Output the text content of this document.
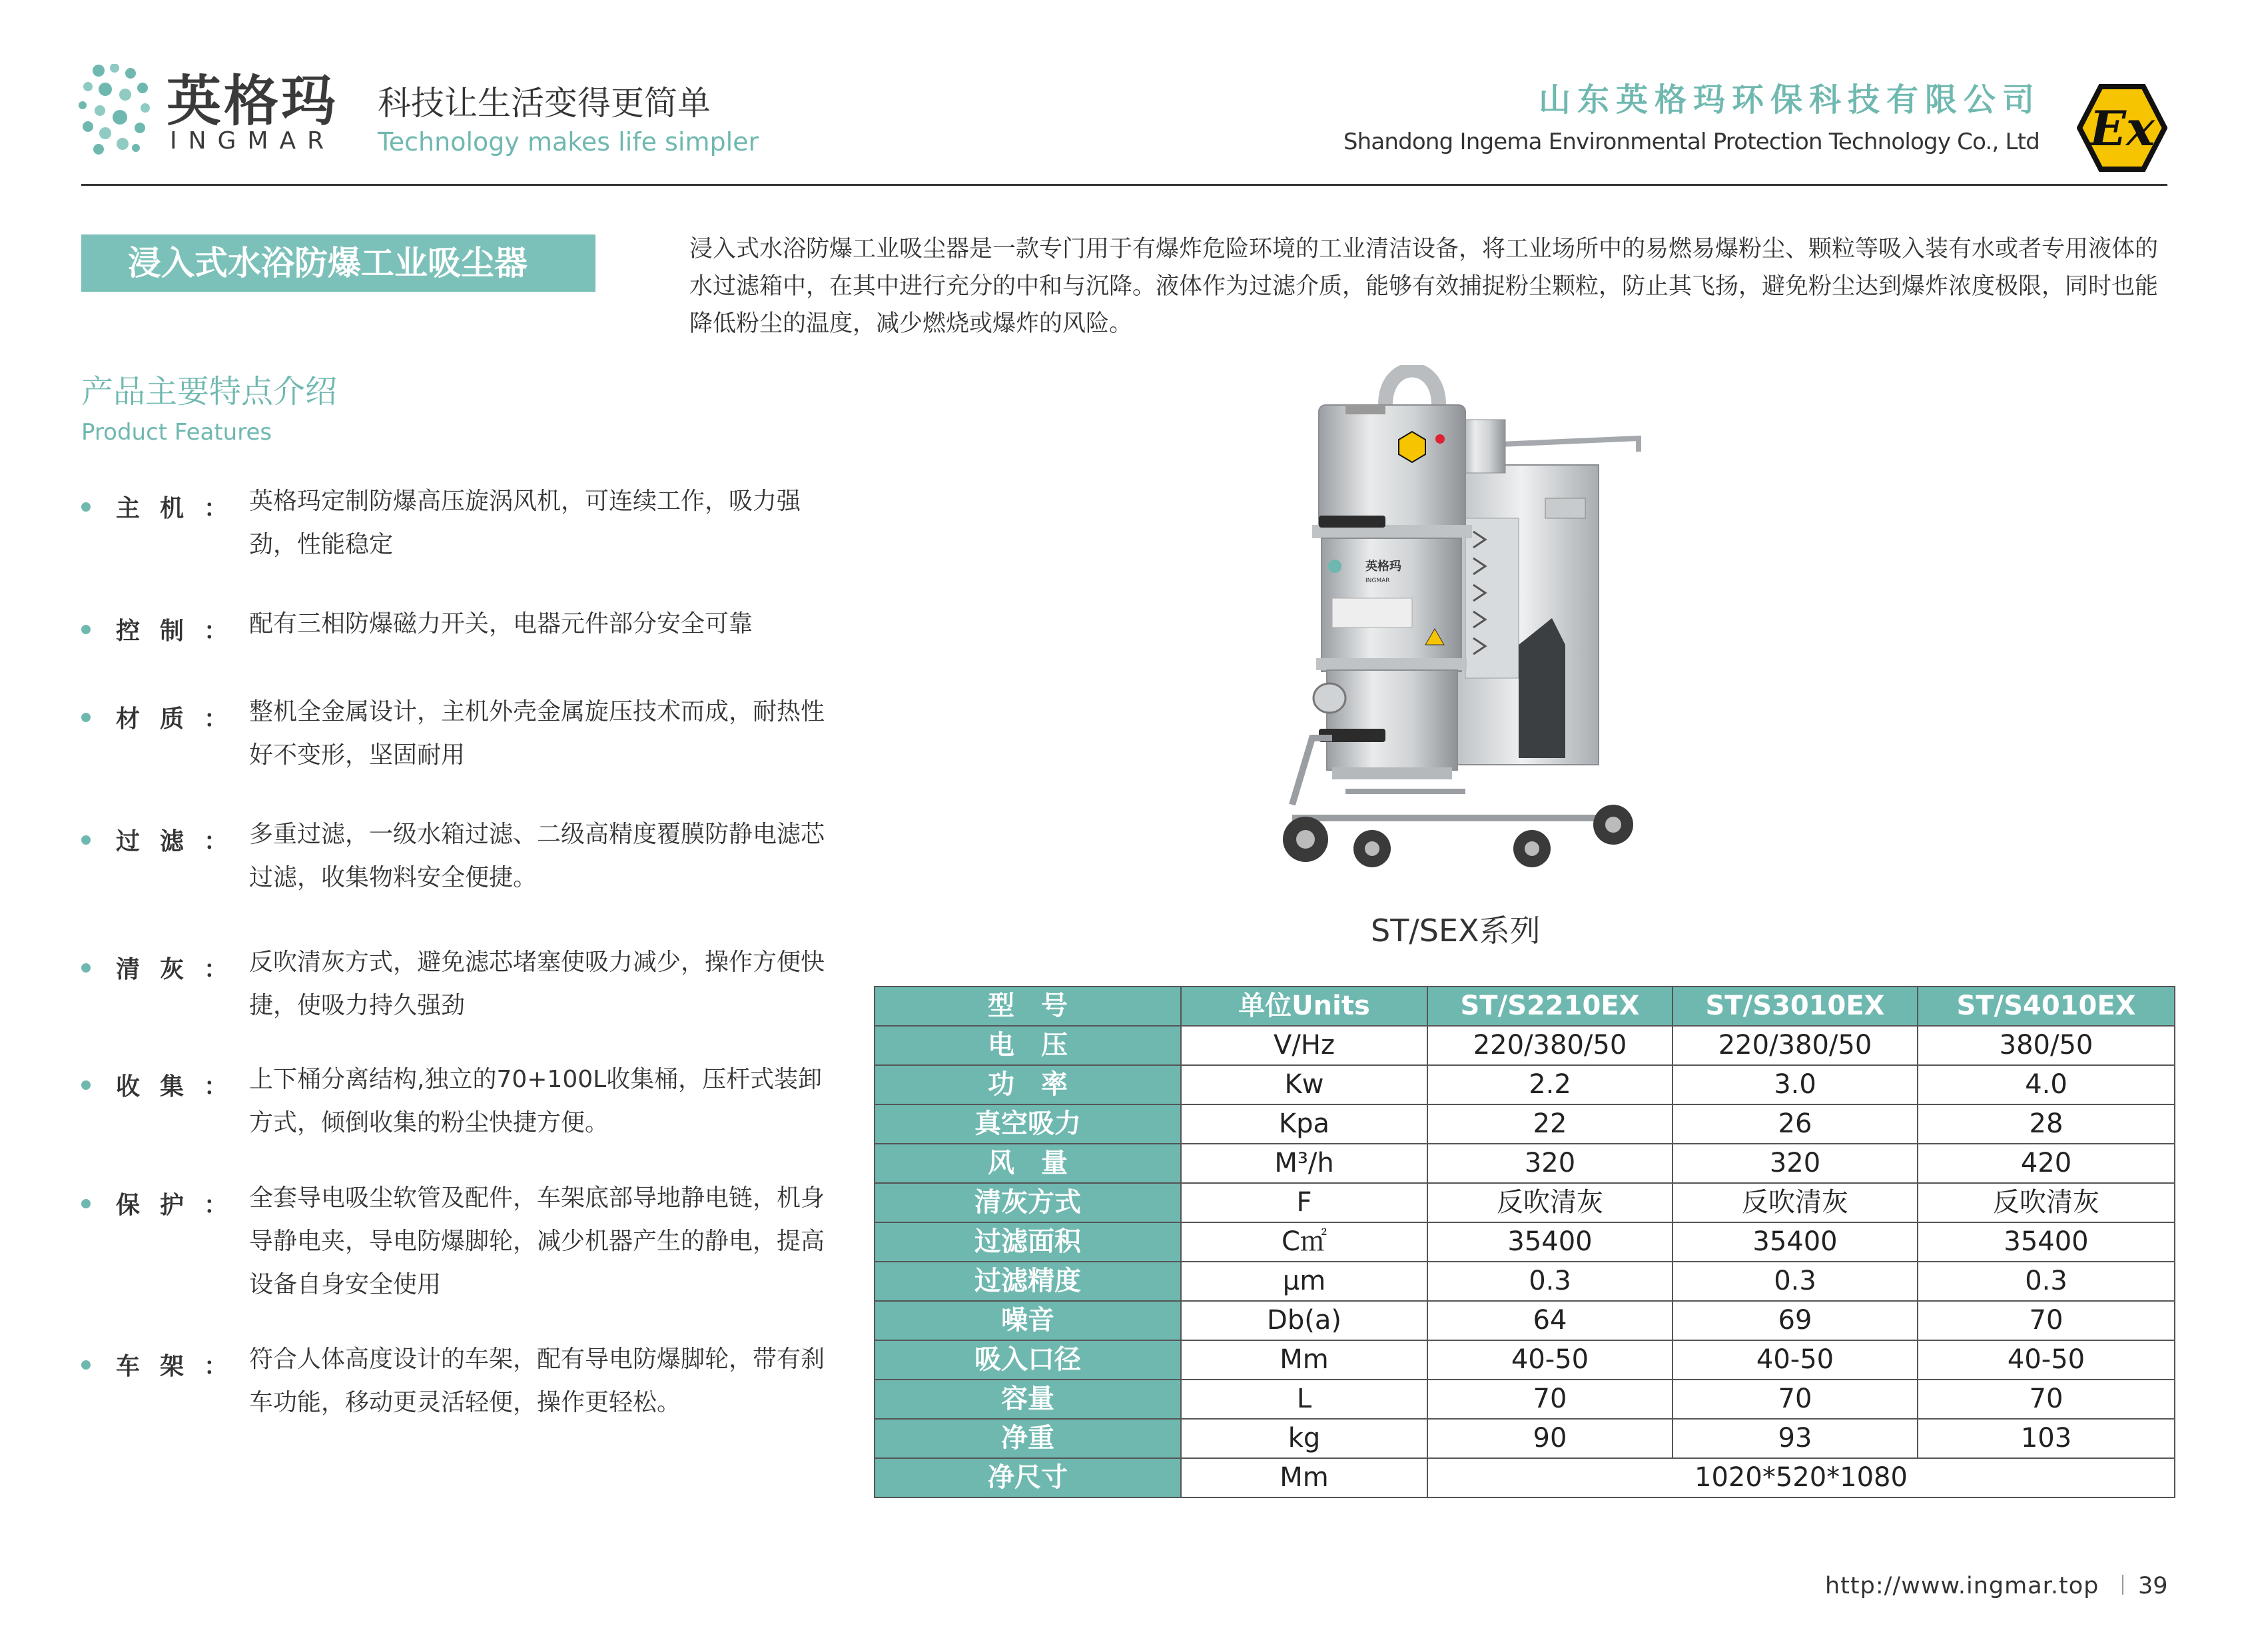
英格玛
INGMAR
科技让生活变得更简单
Technology makes life simpler
山东英格玛环保科技有限公司
Shandong Ingema Environmental Protection Technology Co., Ltd Ex
浸入式水浴防爆工业吸尘器	浸入式水浴防爆工业吸尘器是一款专门用于有爆炸危险环境的工业清洁设备，将工业场所中的易燃易爆粉尘、颗粒等吸入装有水或者专用液体的水过滤箱中，在其中进行充分的中和与沉降。液体作为过滤介质，能够有效捕捉粉尘颗粒，防止其飞扬，避免粉尘达到爆炸浓度极限，同时也能降低粉尘的温度，减少燃烧或爆炸的风险。
产品主要特点介绍
Product Features
主机： 英格玛定制防爆高压旋涡风机，可连续工作，吸力强劲，性能稳定
控制： 配有三相防爆磁力开关，电器元件部分安全可靠
材质： 整机全金属设计，主机外壳金属旋压技术而成，耐热性好不变形，坚固耐用
过滤： 多重过滤，一级水箱过滤、二级高精度覆膜防静电滤芯过滤，收集物料安全便捷。
清灰： 反吹清灰方式，避免滤芯堵塞使吸力减少，操作方便快捷，使吸力持久强劲
收集： 上下桶分离结构,独立的70+100L收集桶，压杆式装卸方式，倾倒收集的粉尘快捷方便。
保护： 全套导电吸尘软管及配件，车架底部导地静电链，机身导静电夹，导电防爆脚轮，减少机器产生的静电，提高设备自身安全使用
车架： 符合人体高度设计的车架，配有导电防爆脚轮，带有刹车功能，移动更灵活轻便，操作更轻松。
英格玛
INGMAR
ST/SEX系列
型　号	单位Units	ST/S2210EX	ST/S3010EX	ST/S4010EX
电　压	V/Hz	220/380/50	220/380/50	380/50
功　率	Kw	2.2	3.0	4.0
真空吸力	Kpa	22	26	28
风　量	M³/h	320	320	420
清灰方式	F	反吹清灰	反吹清灰	反吹清灰
过滤面积	C㎡	35400	35400	35400
过滤精度	μm	0.3	0.3	0.3
噪音	Db(a)	64	69	70
吸入口径	Mm	40-50	40-50	40-50
容量	L	70	70	70
净重	kg	90	93	103
净尺寸	Mm	1020*520*1080		
http://www.ingmar.top 39
